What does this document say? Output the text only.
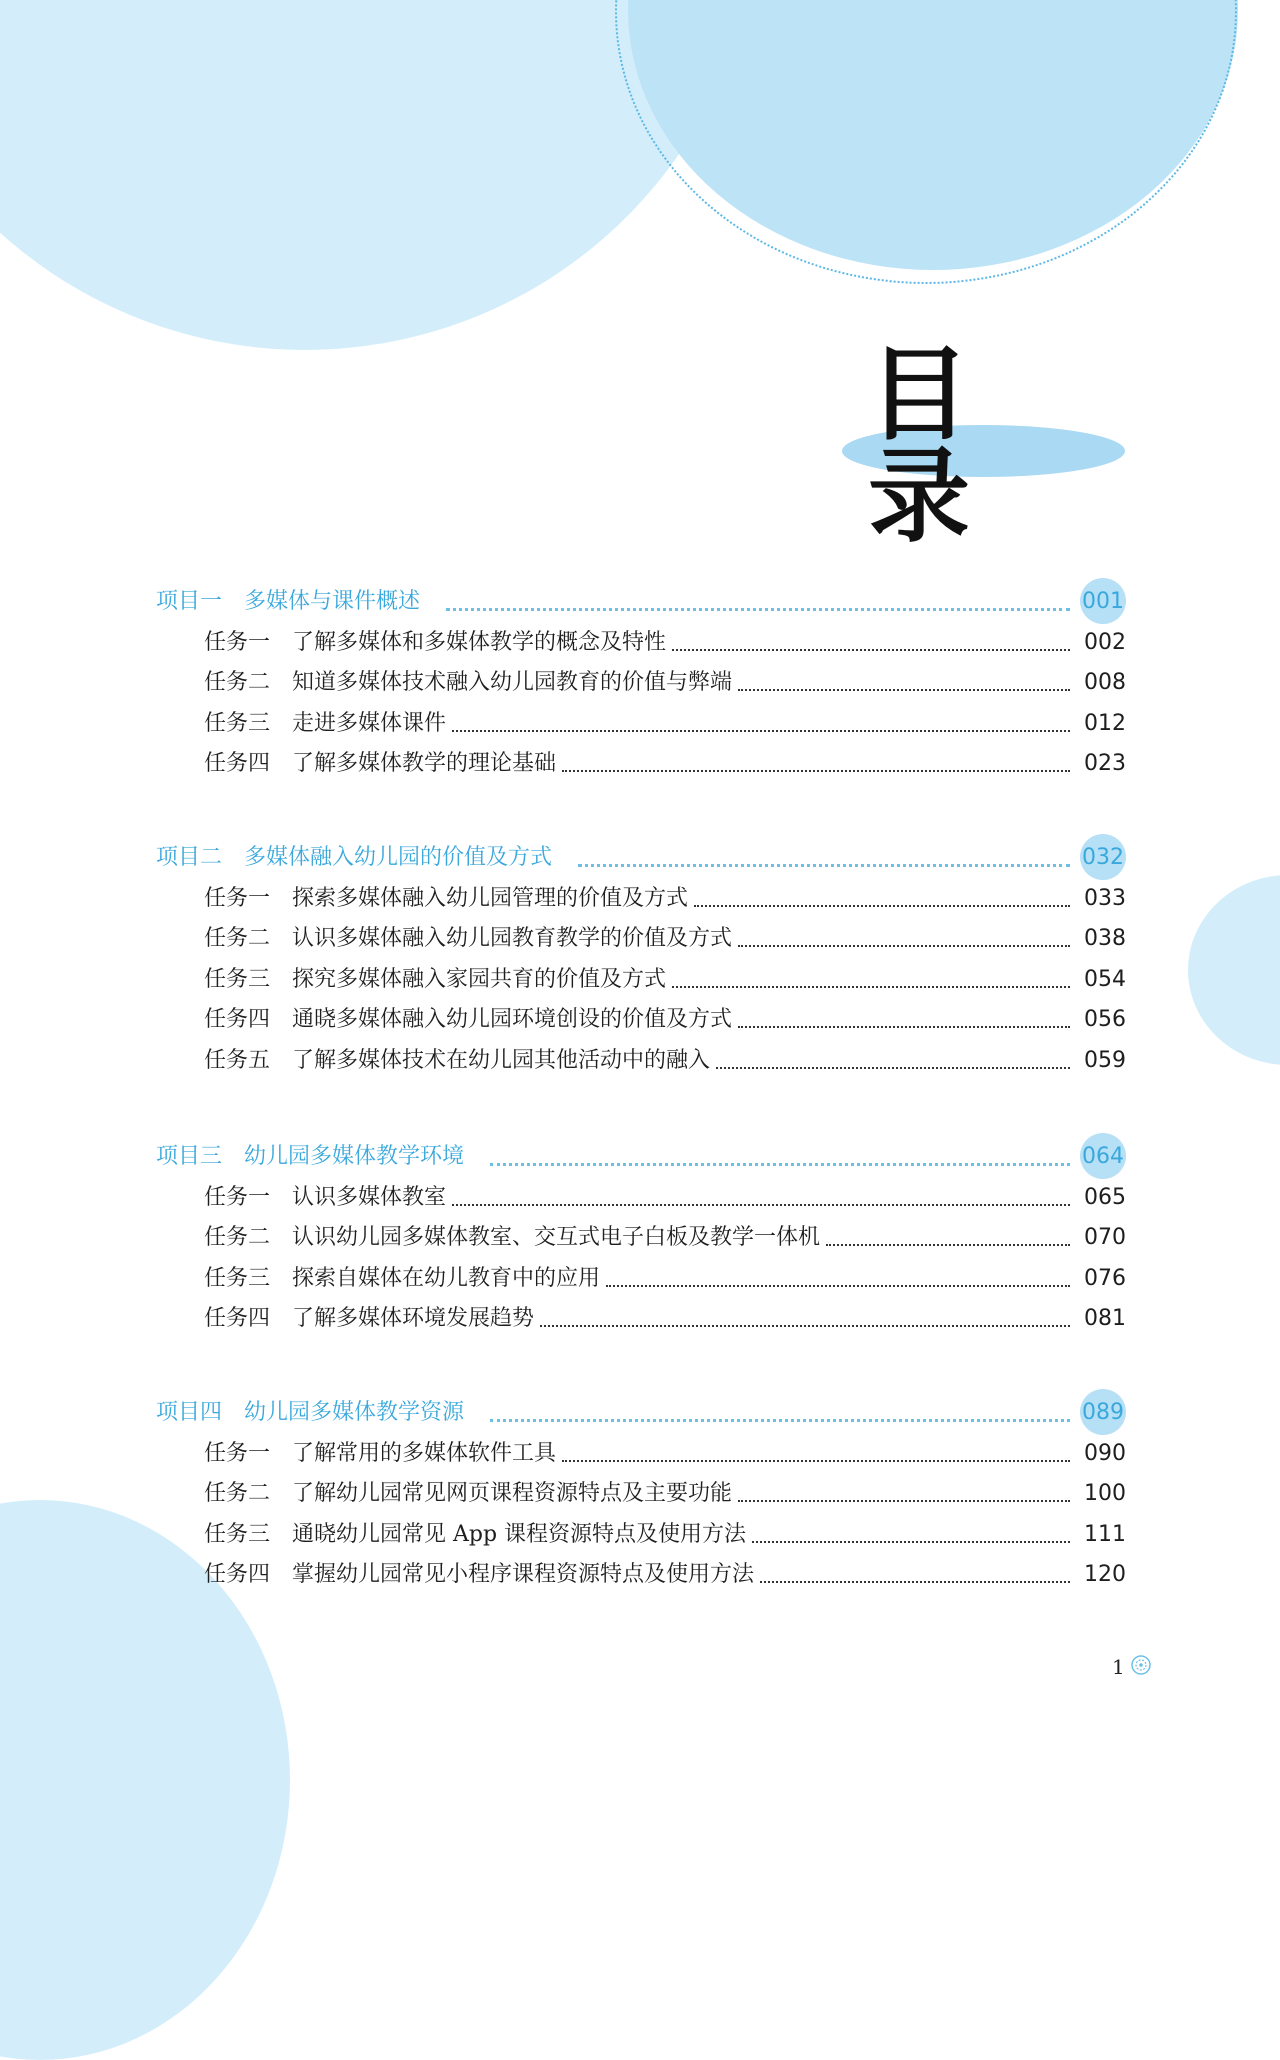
目 录
项目一　多媒体与课件概述	001
任务一　了解多媒体和多媒体教学的概念及特性	002
任务二　知道多媒体技术融入幼儿园教育的价值与弊端	008
任务三　走进多媒体课件	012
任务四　了解多媒体教学的理论基础	023
项目二　多媒体融入幼儿园的价值及方式	032
任务一　探索多媒体融入幼儿园管理的价值及方式	033
任务二　认识多媒体融入幼儿园教育教学的价值及方式	038
任务三　探究多媒体融入家园共育的价值及方式	054
任务四　通晓多媒体融入幼儿园环境创设的价值及方式	056
任务五　了解多媒体技术在幼儿园其他活动中的融入	059
项目三　幼儿园多媒体教学环境	064
任务一　认识多媒体教室	065
任务二　认识幼儿园多媒体教室、交互式电子白板及教学一体机	070
任务三　探索自媒体在幼儿教育中的应用	076
任务四　了解多媒体环境发展趋势	081
项目四　幼儿园多媒体教学资源	089
任务一　了解常用的多媒体软件工具	090
任务二　了解幼儿园常见网页课程资源特点及主要功能	100
任务三　通晓幼儿园常见 App 课程资源特点及使用方法	111
任务四　掌握幼儿园常见小程序课程资源特点及使用方法	120
1
